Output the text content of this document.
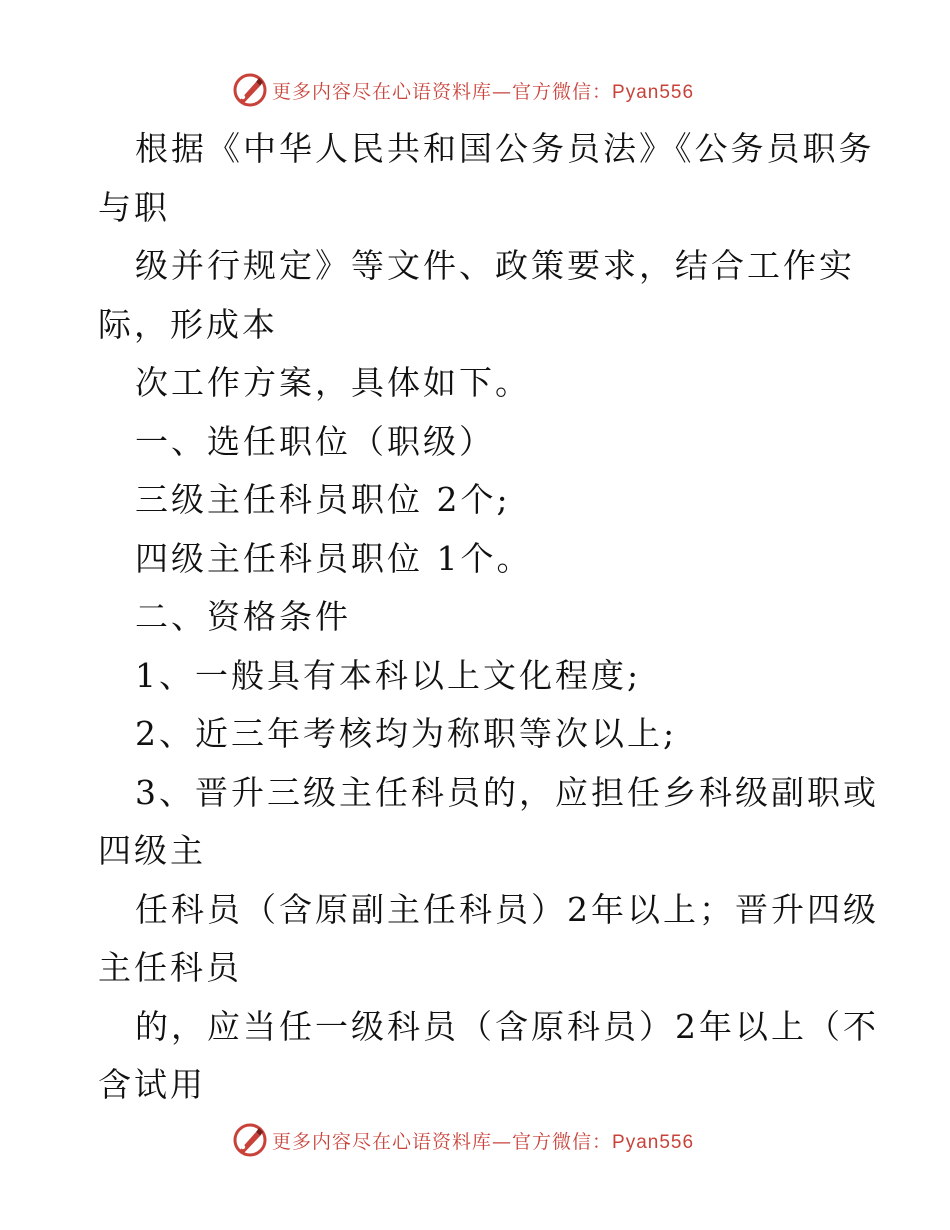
更多内容尽在心语资料库—官方微信：Pyan556
根据《中华人民共和国公务员法》《公务员职务
与职
级并行规定》等文件、政策要求，结合工作实
际，形成本
次工作方案，具体如下。
一、选任职位（职级）
三级主任科员职位 2个;
四级主任科员职位 1个。
二、资格条件
1、一般具有本科以上文化程度;
2、近三年考核均为称职等次以上;
3、晋升三级主任科员的，应担任乡科级副职或
四级主
任科员（含原副主任科员）2年以上；晋升四级
主任科员
的，应当任一级科员（含原科员）2年以上（不
含试用
更多内容尽在心语资料库—官方微信：Pyan556
